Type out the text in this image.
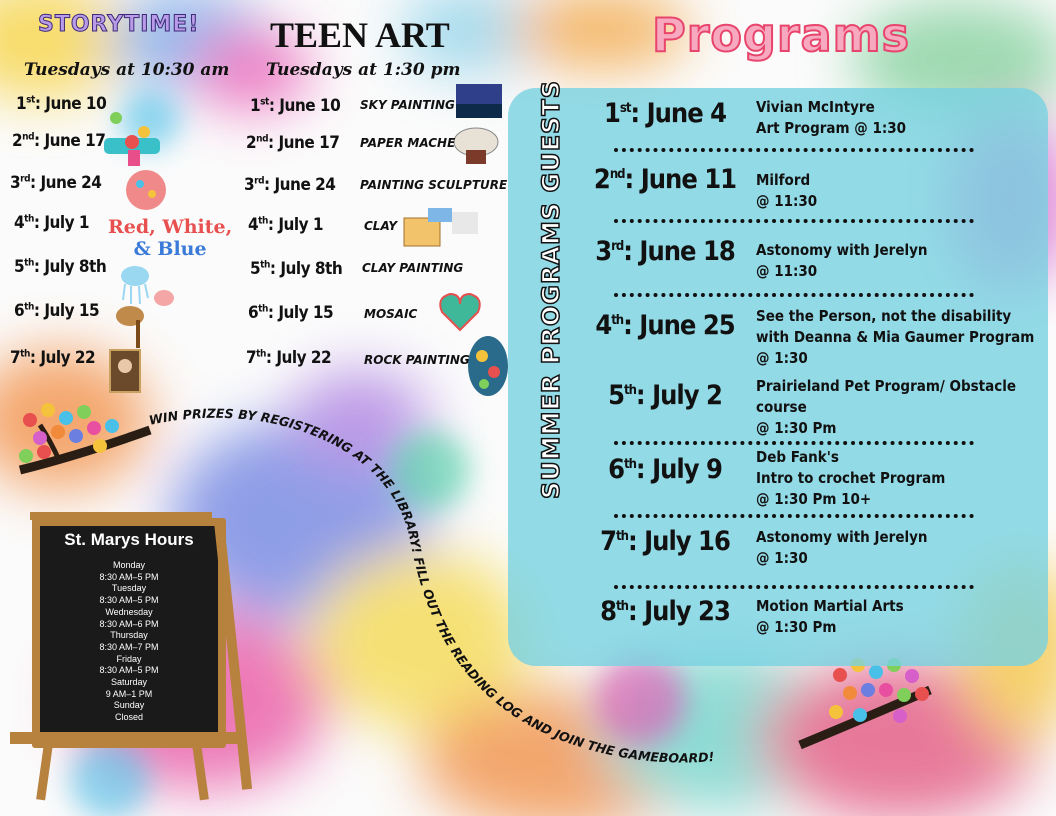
STORYTIME!
Tuesdays at 10:30 am
1st: June 10
2nd: June 17
3rd: June 24
4th: July 1
5th: July 8th
6th: July 15
7th: July 22
Red, White,
& Blue
TEEN ART
Tuesdays at 1:30 pm
1st: June 10 SKY PAINTING
2nd: June 17 PAPER MACHE
3rd: June 24 PAINTING SCULPTURE
4th: July 1	CLAY
5th: July 8th CLAY PAINTING
6th: July 15	MOSAIC
7th: July 22	ROCK PAINTING
Programs
SUMMER PROGRAMS GUESTS	1st: June 4	Vivian McIntyre
Art Program @ 1:30
2nd: June 11 Milford
@ 11:30
3rd: June 18	Astonomy with Jerelyn
@ 11:30
4th: June 25	See the Person, not the disability
with Deanna & Mia Gaumer Program
@ 1:30
5th: July 2	Prairieland Pet Program/ Obstacle
course
@ 1:30 Pm
6th: July 9	Deb Fank's
Intro to crochet Program
@ 1:30 Pm 10+
7th: July 16	Astonomy with Jerelyn
@ 1:30
8th: July 23	Motion Martial Arts
@ 1:30 Pm
WIN PRIZES BY REGISTERING AT THE LIBRARY! FILL OUT THE READING LOG AND JOIN THE GAMEBOARD!
St. Marys Hours
Monday
8:30 AM–5 PM
Tuesday
8:30 AM–5 PM
Wednesday
8:30 AM–6 PM
Thursday
8:30 AM–7 PM
Friday
8:30 AM–5 PM
Saturday
9 AM–1 PM
Sunday
Closed
